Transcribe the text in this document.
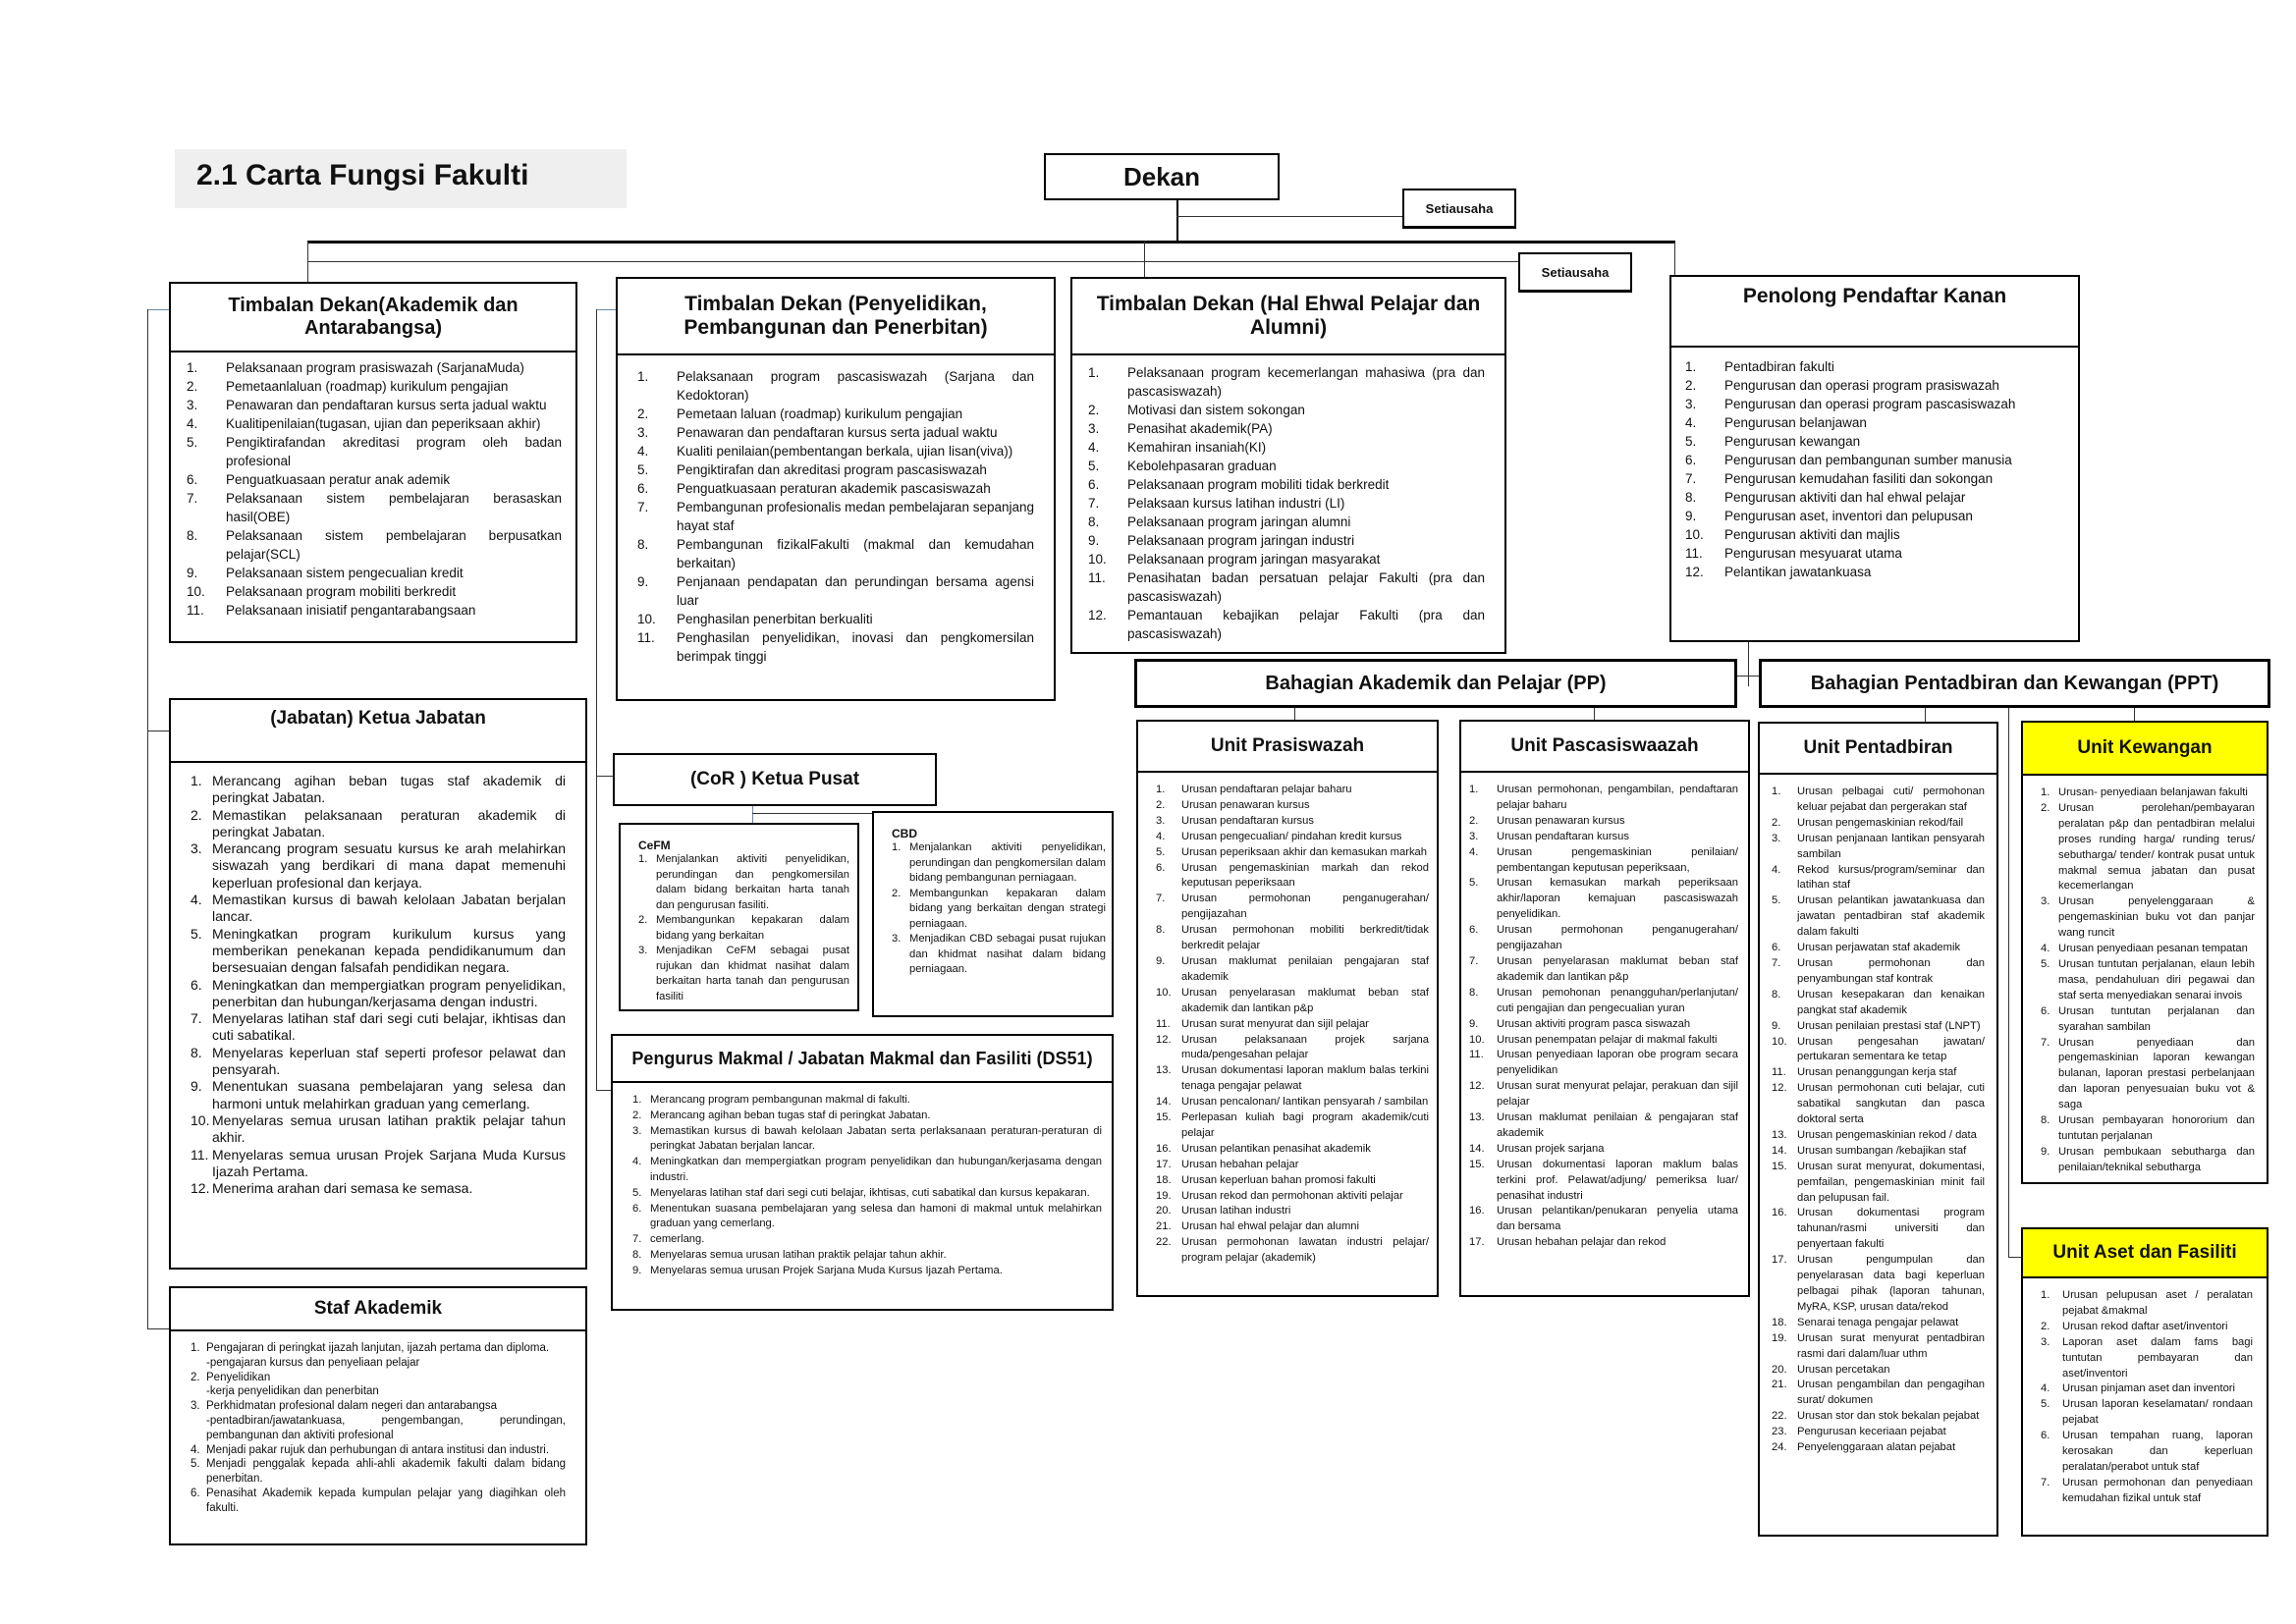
2.1 Carta Fungsi Fakulti	Dekan
Setiausaha
Setiausaha
Timbalan Dekan(Akademik dan Antarabangsa)
1.	Pelaksanaan program prasiswazah (SarjanaMuda)
2.	Pemetaanlaluan (roadmap) kurikulum pengajian
3.	Penawaran dan pendaftaran kursus serta jadual waktu
4.	Kualitipenilaian(tugasan, ujian dan peperiksaan akhir)
5.	Pengiktirafandan akreditasi program oleh badan profesional
6.	Penguatkuasaan peratur anak ademik
7.	Pelaksanaan sistem pembelajaran berasaskan hasil(OBE)
8.	Pelaksanaan sistem pembelajaran berpusatkan pelajar(SCL)
9.	Pelaksanaan sistem pengecualian kredit
10.	Pelaksanaan program mobiliti berkredit
11.	Pelaksanaan inisiatif pengantarabangsaan
Timbalan Dekan (Penyelidikan, Pembangunan dan Penerbitan)
1.	Pelaksanaan program pascasiswazah (Sarjana dan Kedoktoran)
2.	Pemetaan laluan (roadmap) kurikulum pengajian
3.	Penawaran dan pendaftaran kursus serta jadual waktu
4.	Kualiti penilaian(pembentangan berkala, ujian lisan(viva))
5.	Pengiktirafan dan akreditasi program pascasiswazah
6.	Penguatkuasaan peraturan akademik pascasiswazah
7.	Pembangunan profesionalis medan pembelajaran sepanjang hayat staf
8.	Pembangunan fizikalFakulti (makmal dan kemudahan berkaitan)
9.	Penjanaan pendapatan dan perundingan bersama agensi luar
10.	Penghasilan penerbitan berkualiti
11.	Penghasilan penyelidikan, inovasi dan pengkomersilan berimpak tinggi
Timbalan Dekan (Hal Ehwal Pelajar dan Alumni)
1.	Pelaksanaan program kecemerlangan mahasiwa (pra dan pascasiswazah)
2.	Motivasi dan sistem sokongan
3.	Penasihat akademik(PA)
4.	Kemahiran insaniah(KI)
5.	Kebolehpasaran graduan
6.	Pelaksanaan program mobiliti tidak berkredit
7.	Pelaksaan kursus latihan industri (LI)
8.	Pelaksanaan program jaringan alumni
9.	Pelaksanaan program jaringan industri
10.	Pelaksanaan program jaringan masyarakat
11.	Penasihatan badan persatuan pelajar Fakulti (pra dan pascasiswazah)
12.	Pemantauan kebajikan pelajar Fakulti (pra dan pascasiswazah)
Penolong Pendaftar Kanan
1.	Pentadbiran fakulti
2.	Pengurusan dan operasi program prasiswazah
3.	Pengurusan dan operasi program pascasiswazah
4.	Pengurusan belanjawan
5.	Pengurusan kewangan
6.	Pengurusan dan pembangunan sumber manusia
7.	Pengurusan kemudahan fasiliti dan sokongan
8.	Pengurusan aktiviti dan hal ehwal pelajar
9.	Pengurusan aset, inventori dan pelupusan
10.	Pengurusan aktiviti dan majlis
11.	Pengurusan mesyuarat utama
12.	Pelantikan jawatankuasa
(Jabatan) Ketua Jabatan
1. Merancang agihan beban tugas staf akademik di peringkat Jabatan.
2. Memastikan pelaksanaan peraturan akademik di peringkat Jabatan.
3. Merancang program sesuatu kursus ke arah melahirkan siswazah yang berdikari di mana dapat memenuhi keperluan profesional dan kerjaya.
4. Memastikan kursus di bawah kelolaan Jabatan berjalan lancar.
5. Meningkatkan program kurikulum kursus yang memberikan penekanan kepada pendidikanumum dan bersesuaian dengan falsafah pendidikan negara.
6. Meningkatkan dan mempergiatkan program penyelidikan, penerbitan dan hubungan/kerjasama dengan industri.
7. Menyelaras latihan staf dari segi cuti belajar, ikhtisas dan cuti sabatikal.
8. Menyelaras keperluan staf seperti profesor pelawat dan pensyarah.
9. Menentukan suasana pembelajaran yang selesa dan harmoni untuk melahirkan graduan yang cemerlang.
10. Menyelaras semua urusan latihan praktik pelajar tahun akhir.
11. Menyelaras semua urusan Projek Sarjana Muda Kursus Ijazah Pertama.
12. Menerima arahan dari semasa ke semasa.
Staf Akademik
1. Pengajaran di peringkat ijazah lanjutan, ijazah pertama dan diploma.
-pengajaran kursus dan penyeliaan pelajar
2. Penyelidikan
-kerja penyelidikan dan penerbitan
3. Perkhidmatan profesional dalam negeri dan antarabangsa
-pentadbiran/jawatankuasa, pengembangan, perundingan, pembangunan dan aktiviti profesional
4. Menjadi pakar rujuk dan perhubungan di antara institusi dan industri.
5. Menjadi penggalak kepada ahli-ahli akademik fakulti dalam bidang penerbitan.
6. Penasihat Akademik kepada kumpulan pelajar yang diagihkan oleh fakulti.
(CoR ) Ketua Pusat
CeFM
1. Menjalankan aktiviti penyelidikan, perundingan dan pengkomersilan dalam bidang berkaitan harta tanah dan pengurusan fasiliti.
2. Membangunkan kepakaran dalam bidang yang berkaitan
3. Menjadikan CeFM sebagai pusat rujukan dan khidmat nasihat dalam berkaitan harta tanah dan pengurusan fasiliti
CBD
1. Menjalankan aktiviti penyelidikan, perundingan dan pengkomersilan dalam bidang pembangunan perniagaan.
2. Membangunkan kepakaran dalam bidang yang berkaitan dengan strategi perniagaan.
3. Menjadikan CBD sebagai pusat rujukan dan khidmat nasihat dalam bidang perniagaan.
Pengurus Makmal / Jabatan Makmal dan Fasiliti (DS51)
1. Merancang program pembangunan makmal di fakulti.
2. Merancang agihan beban tugas staf di peringkat Jabatan.
3. Memastikan kursus di bawah kelolaan Jabatan serta perlaksanaan peraturan-peraturan di peringkat Jabatan berjalan lancar.
4. Meningkatkan dan mempergiatkan program penyelidikan dan hubungan/kerjasama dengan industri.
5. Menyelaras latihan staf dari segi cuti belajar, ikhtisas, cuti sabatikal dan kursus kepakaran.
6. Menentukan suasana pembelajaran yang selesa dan hamoni di makmal untuk melahirkan graduan yang cemerlang.
7. cemerlang.
8. Menyelaras semua urusan latihan praktik pelajar tahun akhir.
9. Menyelaras semua urusan Projek Sarjana Muda Kursus Ijazah Pertama.
Bahagian Akademik dan Pelajar (PP)	Bahagian Pentadbiran dan Kewangan (PPT)
Unit Prasiswazah
1.	Urusan pendaftaran pelajar baharu
2.	Urusan penawaran kursus
3.	Urusan pendaftaran kursus
4.	Urusan pengecualian/ pindahan kredit kursus
5.	Urusan peperiksaan akhir dan kemasukan markah
6.	Urusan pengemaskinian markah dan rekod keputusan peperiksaan
7.	Urusan permohonan penganugerahan/ pengijazahan
8.	Urusan permohonan mobiliti berkredit/tidak berkredit pelajar
9.	Urusan maklumat penilaian pengajaran staf akademik
10. Urusan penyelarasan maklumat beban staf akademik dan lantikan p&p
11.	Urusan surat menyurat dan sijil pelajar
12. Urusan pelaksanaan projek sarjana muda/pengesahan pelajar
13. Urusan dokumentasi laporan maklum balas terkini tenaga pengajar pelawat
14. Urusan pencalonan/ lantikan pensyarah / sambilan
15. Perlepasan kuliah bagi program akademik/cuti pelajar
16. Urusan pelantikan penasihat akademik
17. Urusan hebahan pelajar
18. Urusan keperluan bahan promosi fakulti
19. Urusan rekod dan permohonan aktiviti pelajar
20. Urusan latihan industri
21. Urusan hal ehwal pelajar dan alumni
22. Urusan permohonan lawatan industri pelajar/ program pelajar (akademik)
Unit Pascasiswaazah
1.	Urusan permohonan, pengambilan, pendaftaran pelajar baharu
2.	Urusan penawaran kursus
3.	Urusan pendaftaran kursus
4.	Urusan pengemaskinian penilaian/ pembentangan keputusan peperiksaan,
5.	Urusan kemasukan markah peperiksaan akhir/laporan kemajuan pascasiswazah penyelidikan.
6.	Urusan permohonan penganugerahan/ pengijazahan
7.	Urusan penyelarasan maklumat beban staf akademik dan lantikan p&p
8.	Urusan pemohonan penangguhan/perlanjutan/ cuti pengajian dan pengecualian yuran
9.	Urusan aktiviti program pasca siswazah
10.	Urusan penempatan pelajar di makmal fakulti
11.	Urusan penyediaan laporan obe program secara penyelidikan
12.	Urusan surat menyurat pelajar, perakuan dan sijil pelajar
13.	Urusan maklumat penilaian & pengajaran staf akademik
14.	Urusan projek sarjana
15.	Urusan dokumentasi laporan maklum balas terkini prof. Pelawat/adjung/ pemeriksa luar/ penasihat industri
16.	Urusan pelantikan/penukaran penyelia utama dan bersama
17.	Urusan hebahan pelajar dan rekod
Unit Pentadbiran
1.	Urusan pelbagai cuti/ permohonan keluar pejabat dan pergerakan staf
2.	Urusan pengemaskinian rekod/fail
3.	Urusan penjanaan lantikan pensyarah sambilan
4.	Rekod kursus/program/seminar dan latihan staf
5.	Urusan pelantikan jawatankuasa dan jawatan pentadbiran staf akademik dalam fakulti
6.	Urusan perjawatan staf akademik
7.	Urusan permohonan dan penyambungan staf kontrak
8.	Urusan kesepakaran dan kenaikan pangkat staf akademik
9.	Urusan penilaian prestasi staf (LNPT)
10. Urusan pengesahan jawatan/ pertukaran sementara ke tetap
11.	Urusan penanggungan kerja staf
12. Urusan permohonan cuti belajar, cuti sabatikal sangkutan dan pasca doktoral serta
13. Urusan pengemaskinian rekod / data
14. Urusan sumbangan /kebajikan staf
15. Urusan surat menyurat, dokumentasi, pemfailan, pengemaskinian minit fail dan pelupusan fail.
16. Urusan dokumentasi program tahunan/rasmi universiti dan penyertaan fakulti
17. Urusan pengumpulan dan penyelarasan data bagi keperluan pelbagai pihak (laporan tahunan, MyRA, KSP, urusan data/rekod
18. Senarai tenaga pengajar pelawat
19. Urusan surat menyurat pentadbiran rasmi dari dalam/luar uthm
20. Urusan percetakan
21. Urusan pengambilan dan pengagihan surat/ dokumen
22. Urusan stor dan stok bekalan pejabat
23. Pengurusan keceriaan pejabat
24. Penyelenggaraan alatan pejabat
Unit Kewangan
1. Urusan- penyediaan belanjawan fakulti
2. Urusan perolehan/pembayaran peralatan p&p dan pentadbiran melalui proses runding harga/ runding terus/ sebutharga/ tender/ kontrak pusat untuk makmal semua jabatan dan pusat kecemerlangan
3. Urusan penyelenggaraan & pengemaskinian buku vot dan panjar wang runcit
4. Urusan penyediaan pesanan tempatan
5. Urusan tuntutan perjalanan, elaun lebih masa, pendahuluan diri pegawai dan staf serta menyediakan senarai invois
6. Urusan tuntutan perjalanan dan syarahan sambilan
7. Urusan penyediaan dan pengemaskinian laporan kewangan bulanan, laporan prestasi perbelanjaan dan laporan penyesuaian buku vot & saga
8. Urusan pembayaran honororium dan tuntutan perjalanan
9. Urusan pembukaan sebutharga dan penilaian/teknikal sebutharga
Unit Aset dan Fasiliti
1.	Urusan pelupusan aset / peralatan pejabat &makmal
2.	Urusan rekod daftar aset/inventori
3.	Laporan aset dalam fams bagi tuntutan pembayaran dan aset/inventori
4.	Urusan pinjaman aset dan inventori
5.	Urusan laporan keselamatan/ rondaan pejabat
6.	Urusan tempahan ruang, laporan kerosakan dan keperluan peralatan/perabot untuk staf
7.	Urusan permohonan dan penyediaan kemudahan fizikal untuk staf
